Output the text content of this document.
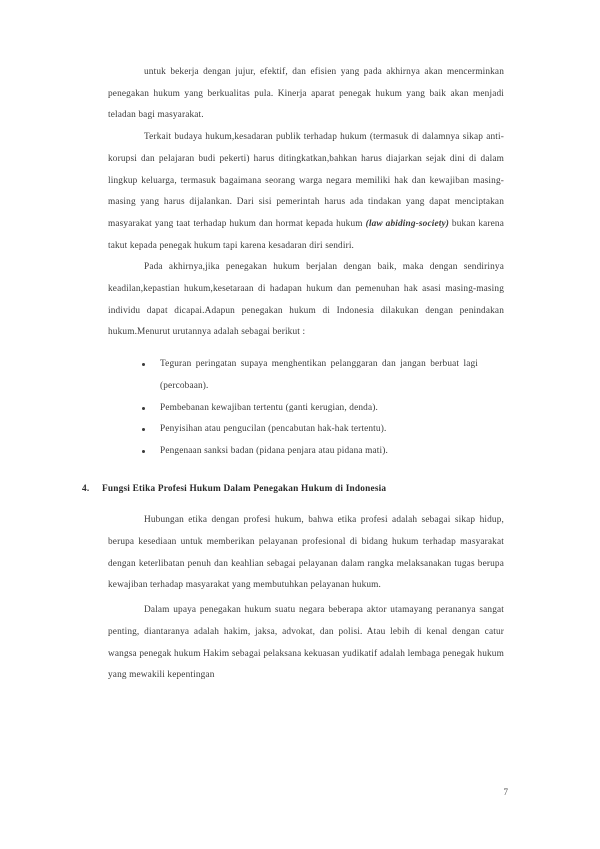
untuk bekerja dengan jujur, efektif, dan efisien yang pada akhirnya akan mencerminkan penegakan hukum yang berkualitas pula. Kinerja aparat penegak hukum yang baik akan menjadi teladan bagi masyarakat.

Terkait budaya hukum,kesadaran publik terhadap hukum (termasuk di dalamnya sikap anti-korupsi dan pelajaran budi pekerti) harus ditingkatkan,bahkan harus diajarkan sejak dini di dalam lingkup keluarga, termasuk bagaimana seorang warga negara memiliki hak dan kewajiban masing-masing yang harus dijalankan. Dari sisi pemerintah harus ada tindakan yang dapat menciptakan masyarakat yang taat terhadap hukum dan hormat kepada hukum (law abiding-society) bukan karena takut kepada penegak hukum tapi karena kesadaran diri sendiri.

Pada akhirnya,jika penegakan hukum berjalan dengan baik, maka dengan sendirinya keadilan,kepastian hukum,kesetaraan di hadapan hukum dan pemenuhan hak asasi masing-masing individu dapat dicapai.Adapun penegakan hukum di Indonesia dilakukan dengan penindakan hukum.Menurut urutannya adalah sebagai berikut :

Teguran peringatan supaya menghentikan pelanggaran dan jangan berbuat lagi (percobaan).
Pembebanan kewajiban tertentu (ganti kerugian, denda).
Penyisihan atau pengucilan (pencabutan hak-hak tertentu).
Pengenaan sanksi badan (pidana penjara atau pidana mati).
4.	Fungsi Etika Profesi Hukum Dalam Penegakan Hukum di Indonesia

Hubungan etika dengan profesi hukum, bahwa etika profesi adalah sebagai sikap hidup, berupa kesediaan untuk memberikan pelayanan profesional di bidang hukum terhadap masyarakat dengan keterlibatan penuh dan keahlian sebagai pelayanan dalam rangka melaksanakan tugas berupa kewajiban terhadap masyarakat yang membutuhkan pelayanan hukum.

Dalam upaya penegakan hukum suatu negara beberapa aktor utamayang perananya sangat penting, diantaranya adalah hakim, jaksa, advokat, dan polisi. Atau lebih di kenal dengan catur wangsa penegak hukum Hakim sebagai pelaksana kekuasan yudikatif adalah lembaga penegak hukum yang mewakili kepentingan

7
